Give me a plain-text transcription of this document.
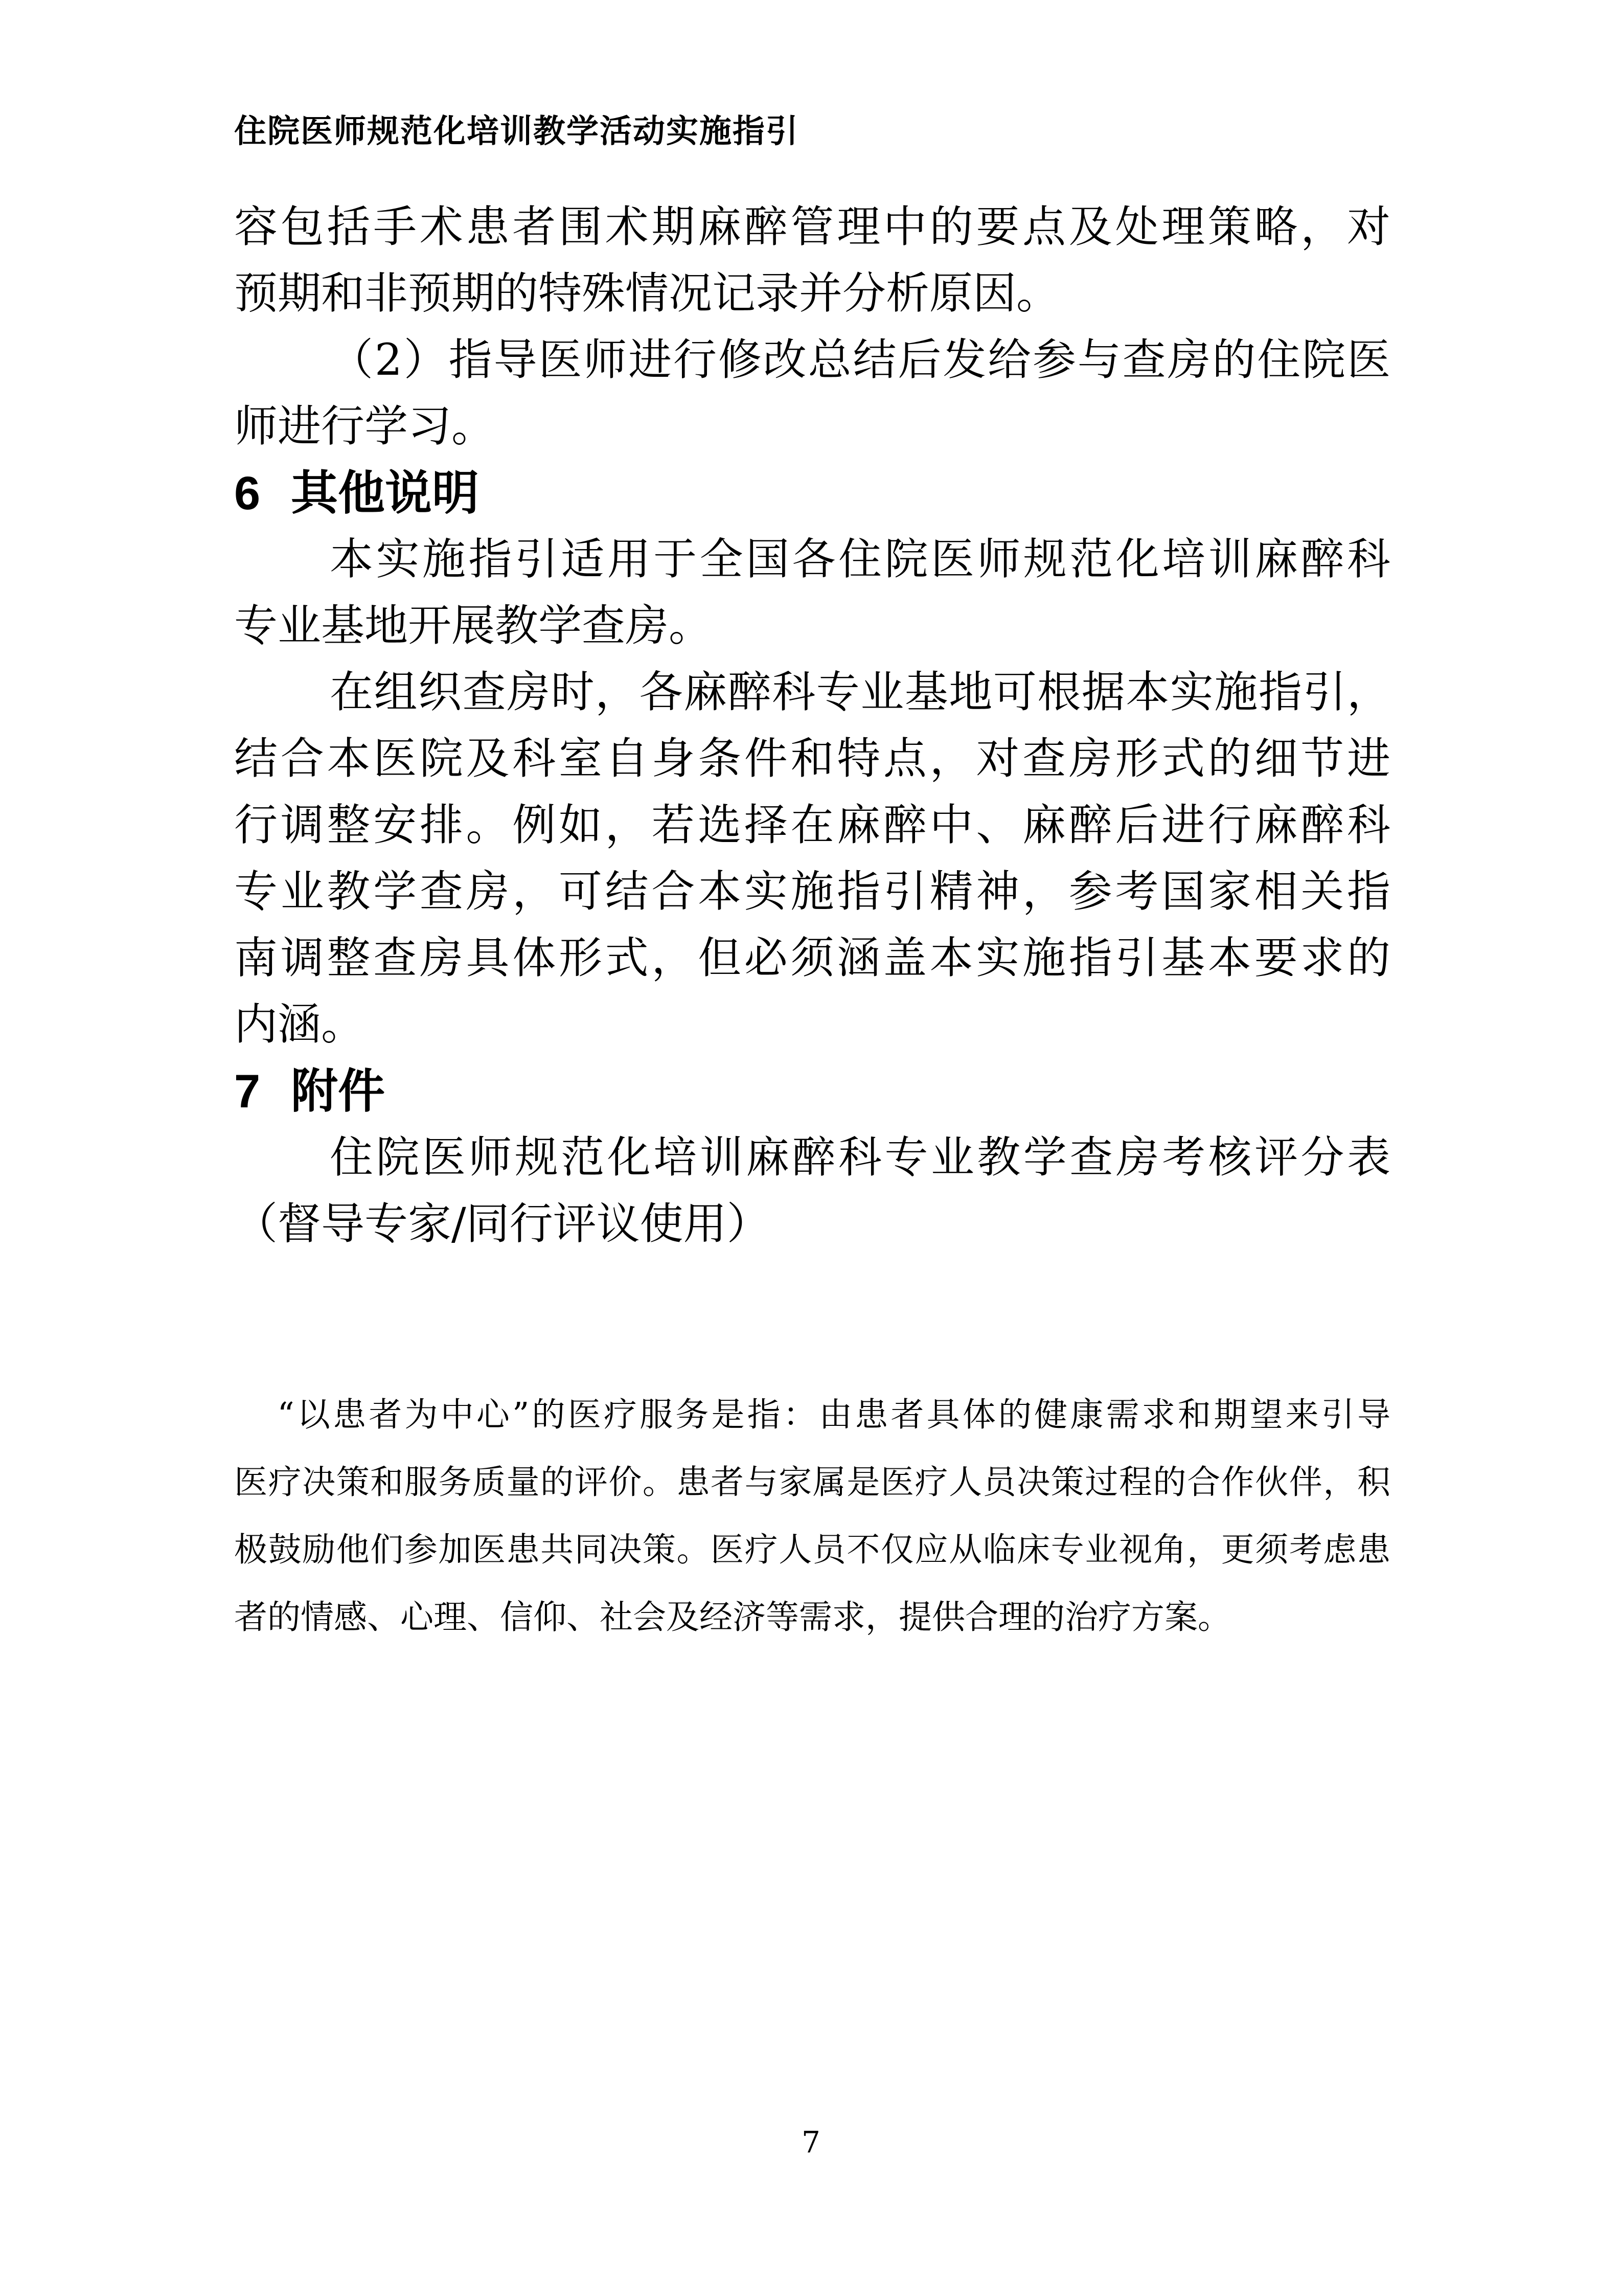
住院医师规范化培训教学活动实施指引
容包括手术患者围术期麻醉管理中的要点及处理策略，对
预期和非预期的特殊情况记录并分析原因。
（2）指导医师进行修改总结后发给参与查房的住院医
师进行学习。
6 其他说明
本实施指引适用于全国各住院医师规范化培训麻醉科
专业基地开展教学查房。
在组织查房时，各麻醉科专业基地可根据本实施指引，
结合本医院及科室自身条件和特点，对查房形式的细节进
行调整安排。例如，若选择在麻醉中、麻醉后进行麻醉科
专业教学查房，可结合本实施指引精神，参考国家相关指
南调整查房具体形式，但必须涵盖本实施指引基本要求的
内涵。
7 附件
住院医师规范化培训麻醉科专业教学查房考核评分表
（督导专家/同行评议使用）
“以患者为中心”的医疗服务是指：由患者具体的健康需求和期望来引导
医疗决策和服务质量的评价。患者与家属是医疗人员决策过程的合作伙伴，积
极鼓励他们参加医患共同决策。医疗人员不仅应从临床专业视角，更须考虑患
者的情感、心理、信仰、社会及经济等需求，提供合理的治疗方案。
7
